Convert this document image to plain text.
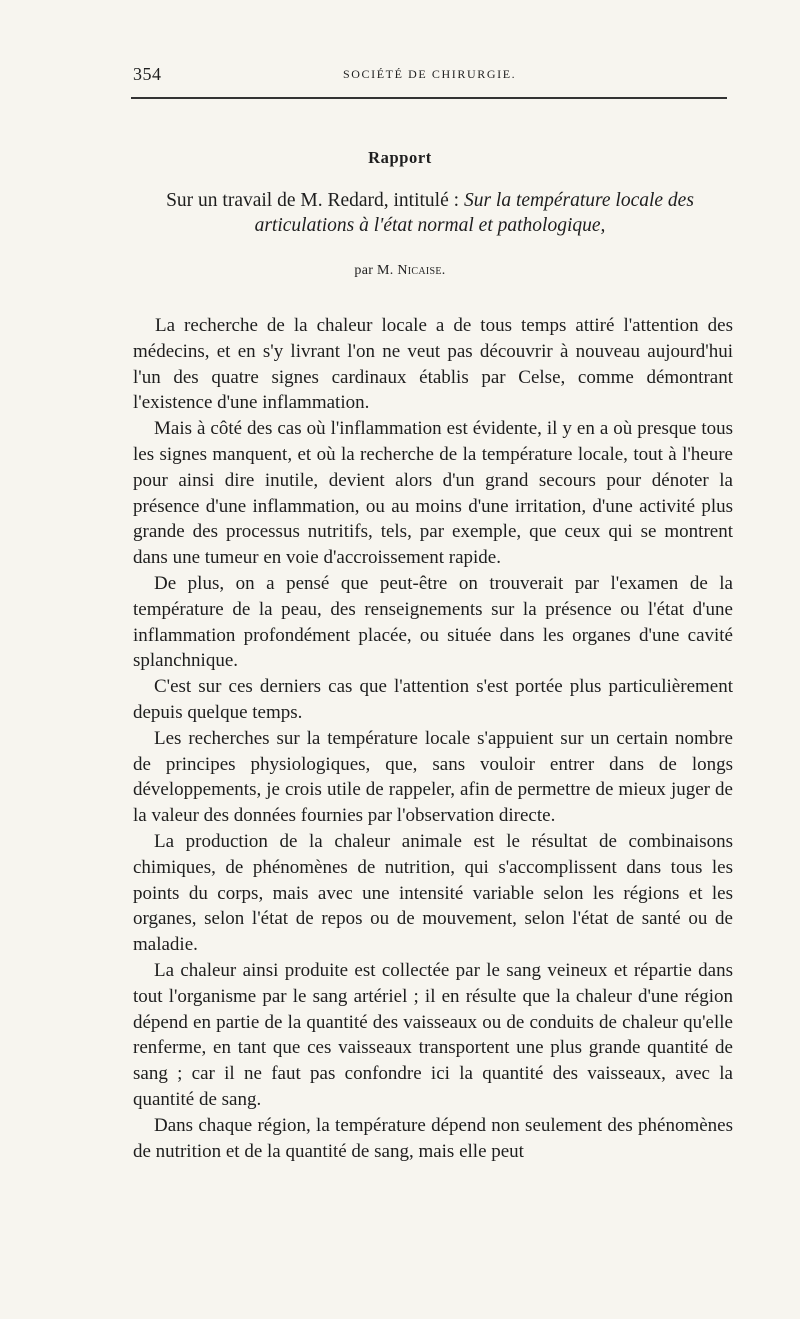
354	SOCIÉTÉ DE CHIRURGIE.
Rapport
Sur un travail de M. Redard, intitulé : Sur la température locale des articulations à l'état normal et pathologique,
par M. Nicaise.

La recherche de la chaleur locale a de tous temps attiré l'attention des médecins, et en s'y livrant l'on ne veut pas découvrir à nouveau aujourd'hui l'un des quatre signes cardinaux établis par Celse, comme démontrant l'existence d'une inflammation.

Mais à côté des cas où l'inflammation est évidente, il y en a où presque tous les signes manquent, et où la recherche de la température locale, tout à l'heure pour ainsi dire inutile, devient alors d'un grand secours pour dénoter la présence d'une inflammation, ou au moins d'une irritation, d'une activité plus grande des processus nutritifs, tels, par exemple, que ceux qui se montrent dans une tumeur en voie d'accroissement rapide.

De plus, on a pensé que peut-être on trouverait par l'examen de la température de la peau, des renseignements sur la présence ou l'état d'une inflammation profondément placée, ou située dans les organes d'une cavité splanchnique.

C'est sur ces derniers cas que l'attention s'est portée plus particulièrement depuis quelque temps.

Les recherches sur la température locale s'appuient sur un certain nombre de principes physiologiques, que, sans vouloir entrer dans de longs développements, je crois utile de rappeler, afin de permettre de mieux juger de la valeur des données fournies par l'observation directe.

La production de la chaleur animale est le résultat de combinaisons chimiques, de phénomènes de nutrition, qui s'accomplissent dans tous les points du corps, mais avec une intensité variable selon les régions et les organes, selon l'état de repos ou de mouvement, selon l'état de santé ou de maladie.

La chaleur ainsi produite est collectée par le sang veineux et répartie dans tout l'organisme par le sang artériel ; il en résulte que la chaleur d'une région dépend en partie de la quantité des vaisseaux ou de conduits de chaleur qu'elle renferme, en tant que ces vaisseaux transportent une plus grande quantité de sang ; car il ne faut pas confondre ici la quantité des vaisseaux, avec la quantité de sang.

Dans chaque région, la température dépend non seulement des phénomènes de nutrition et de la quantité de sang, mais elle peut
